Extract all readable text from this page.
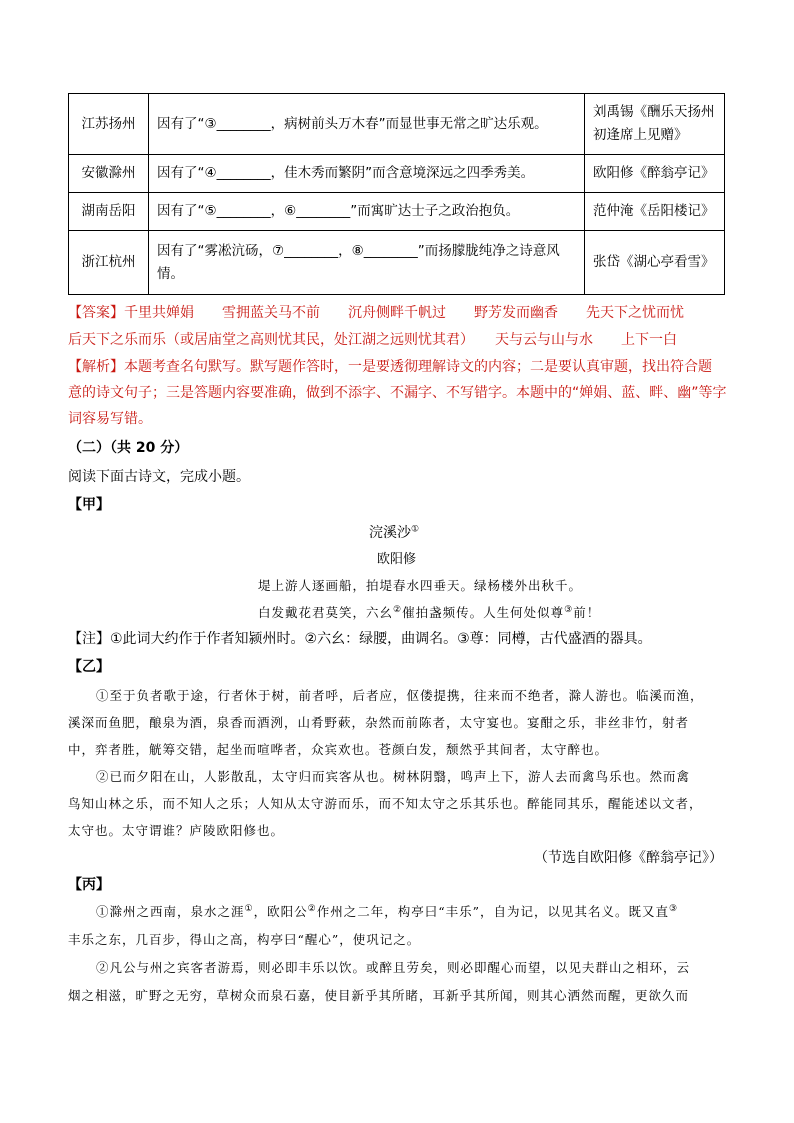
江苏扬州	因有了“③________，病树前头万木春”而显世事无常之旷达乐观。	刘禹锡《酬乐天扬州初逢席上见赠》
安徽滁州	因有了“④________，佳木秀而繁阴”而含意境深远之四季秀美。	欧阳修《醉翁亭记》
湖南岳阳	因有了“⑤________，⑥________”而寓旷达士子之政治抱负。	范仲淹《岳阳楼记》
浙江杭州	因有了“雾凇沆砀，⑦________，⑧________”而扬朦胧纯净之诗意风情。	张岱《湖心亭看雪》
【答案】千里共婵娟　　雪拥蓝关马不前　　沉舟侧畔千帆过　　野芳发而幽香　　先天下之忧而忧
后天下之乐而乐（或居庙堂之高则忧其民，处江湖之远则忧其君）　　天与云与山与水　　上下一白
【解析】本题考查名句默写。默写题作答时，一是要透彻理解诗文的内容；二是要认真审题，找出符合题
意的诗文句子；三是答题内容要准确，做到不添字、不漏字、不写错字。本题中的“婵娟、蓝、畔、幽”等字
词容易写错。
（二）（共 20 分）
阅读下面古诗文，完成小题。
【甲】
浣溪沙①
欧阳修
堤上游人逐画船，拍堤春水四垂天。绿杨楼外出秋千。
白发戴花君莫笑，六幺②催拍盏频传。人生何处似尊③前！
【注】①此词大约作于作者知颍州时。②六幺：绿腰，曲调名。③尊：同樽，古代盛酒的器具。
【乙】
①至于负者歌于途，行者休于树，前者呼，后者应，伛偻提携，往来而不绝者，滁人游也。临溪而渔，
溪深而鱼肥，酿泉为酒，泉香而酒洌，山肴野蔌，杂然而前陈者，太守宴也。宴酣之乐，非丝非竹，射者
中，弈者胜，觥筹交错，起坐而喧哗者，众宾欢也。苍颜白发，颓然乎其间者，太守醉也。
②已而夕阳在山，人影散乱，太守归而宾客从也。树林阴翳，鸣声上下，游人去而禽鸟乐也。然而禽
鸟知山林之乐，而不知人之乐；人知从太守游而乐，而不知太守之乐其乐也。醉能同其乐，醒能述以文者，
太守也。太守谓谁？庐陵欧阳修也。
（节选自欧阳修《醉翁亭记》）
【丙】
①滁州之西南，泉水之涯①，欧阳公②作州之二年，构亭曰“丰乐”，自为记，以见其名义。既又直③
丰乐之东，几百步，得山之高，构亭曰“醒心”，使巩记之。
②凡公与州之宾客者游焉，则必即丰乐以饮。或醉且劳矣，则必即醒心而望，以见夫群山之相环，云
烟之相滋，旷野之无穷，草树众而泉石嘉，使目新乎其所睹，耳新乎其所闻，则其心洒然而醒，更欲久而
